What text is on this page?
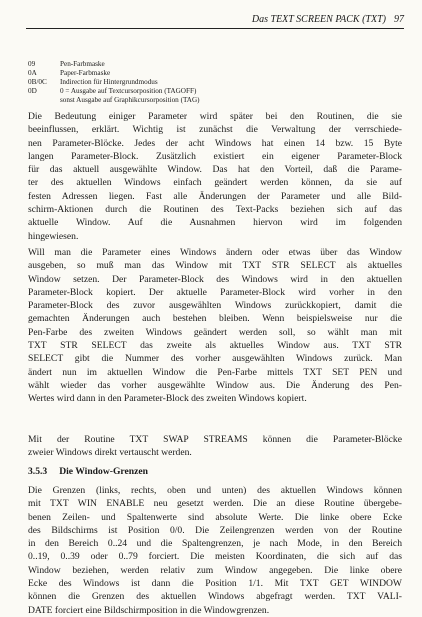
Das TEXT SCREEN PACK (TXT) 97
09	Pen-Farbmaske
0A	Paper-Farbmaske
0B/0C	Indirection für Hintergrundmodus
0D	0 = Ausgabe auf Textcursorposition (TAGOFF)
sonst Ausgabe auf Graphikcursorposition (TAG)
Die Bedeutung einiger Parameter wird später bei den Routinen, die sie
beeinflussen, erklärt. Wichtig ist zunächst die Verwaltung der verrschiede-
nen Parameter-Blöcke. Jedes der acht Windows hat einen 14 bzw. 15 Byte
langen Parameter-Block. Zusätzlich existiert ein eigener Parameter-Block
für das aktuell ausgewählte Window. Das hat den Vorteil, daß die Parame-
ter des aktuellen Windows einfach geändert werden können, da sie auf
festen Adressen liegen. Fast alle Änderungen der Parameter und alle Bild-
schirm-Aktionen durch die Routinen des Text-Packs beziehen sich auf das
aktuelle Window. Auf die Ausnahmen hiervon wird im folgenden
hingewiesen.
Will man die Parameter eines Windows ändern oder etwas über das Window
ausgeben, so muß man das Window mit TXT STR SELECT als aktuelles
Window setzen. Der Parameter-Block des Windows wird in den aktuellen
Parameter-Block kopiert. Der aktuelle Parameter-Block wird vorher in den
Parameter-Block des zuvor ausgewählten Windows zurückkopiert, damit die
gemachten Änderungen auch bestehen bleiben. Wenn beispielsweise nur die
Pen-Farbe des zweiten Windows geändert werden soll, so wählt man mit
TXT STR SELECT das zweite als aktuelles Window aus. TXT STR
SELECT gibt die Nummer des vorher ausgewählten Windows zurück. Man
ändert nun im aktuellen Window die Pen-Farbe mittels TXT SET PEN und
wählt wieder das vorher ausgewählte Window aus. Die Änderung des Pen-
Wertes wird dann in den Parameter-Block des zweiten Windows kopiert.
Mit der Routine TXT SWAP STREAMS können die Parameter-Blöcke
zweier Windows direkt vertauscht werden.
3.5.3 Die Window-Grenzen
Die Grenzen (links, rechts, oben und unten) des aktuellen Windows können
mit TXT WIN ENABLE neu gesetzt werden. Die an diese Routine übergebe-
benen Zeilen- und Spaltenwerte sind absolute Werte. Die linke obere Ecke
des Bildschirms ist Position 0/0. Die Zeilengrenzen werden von der Routine
in den Bereich 0..24 und die Spaltengrenzen, je nach Mode, in den Bereich
0..19, 0..39 oder 0..79 forciert. Die meisten Koordinaten, die sich auf das
Window beziehen, werden relativ zum Window angegeben. Die linke obere
Ecke des Windows ist dann die Position 1/1. Mit TXT GET WINDOW
können die Grenzen des aktuellen Windows abgefragt werden. TXT VALI-
DATE forciert eine Bildschirmposition in die Windowgrenzen.
